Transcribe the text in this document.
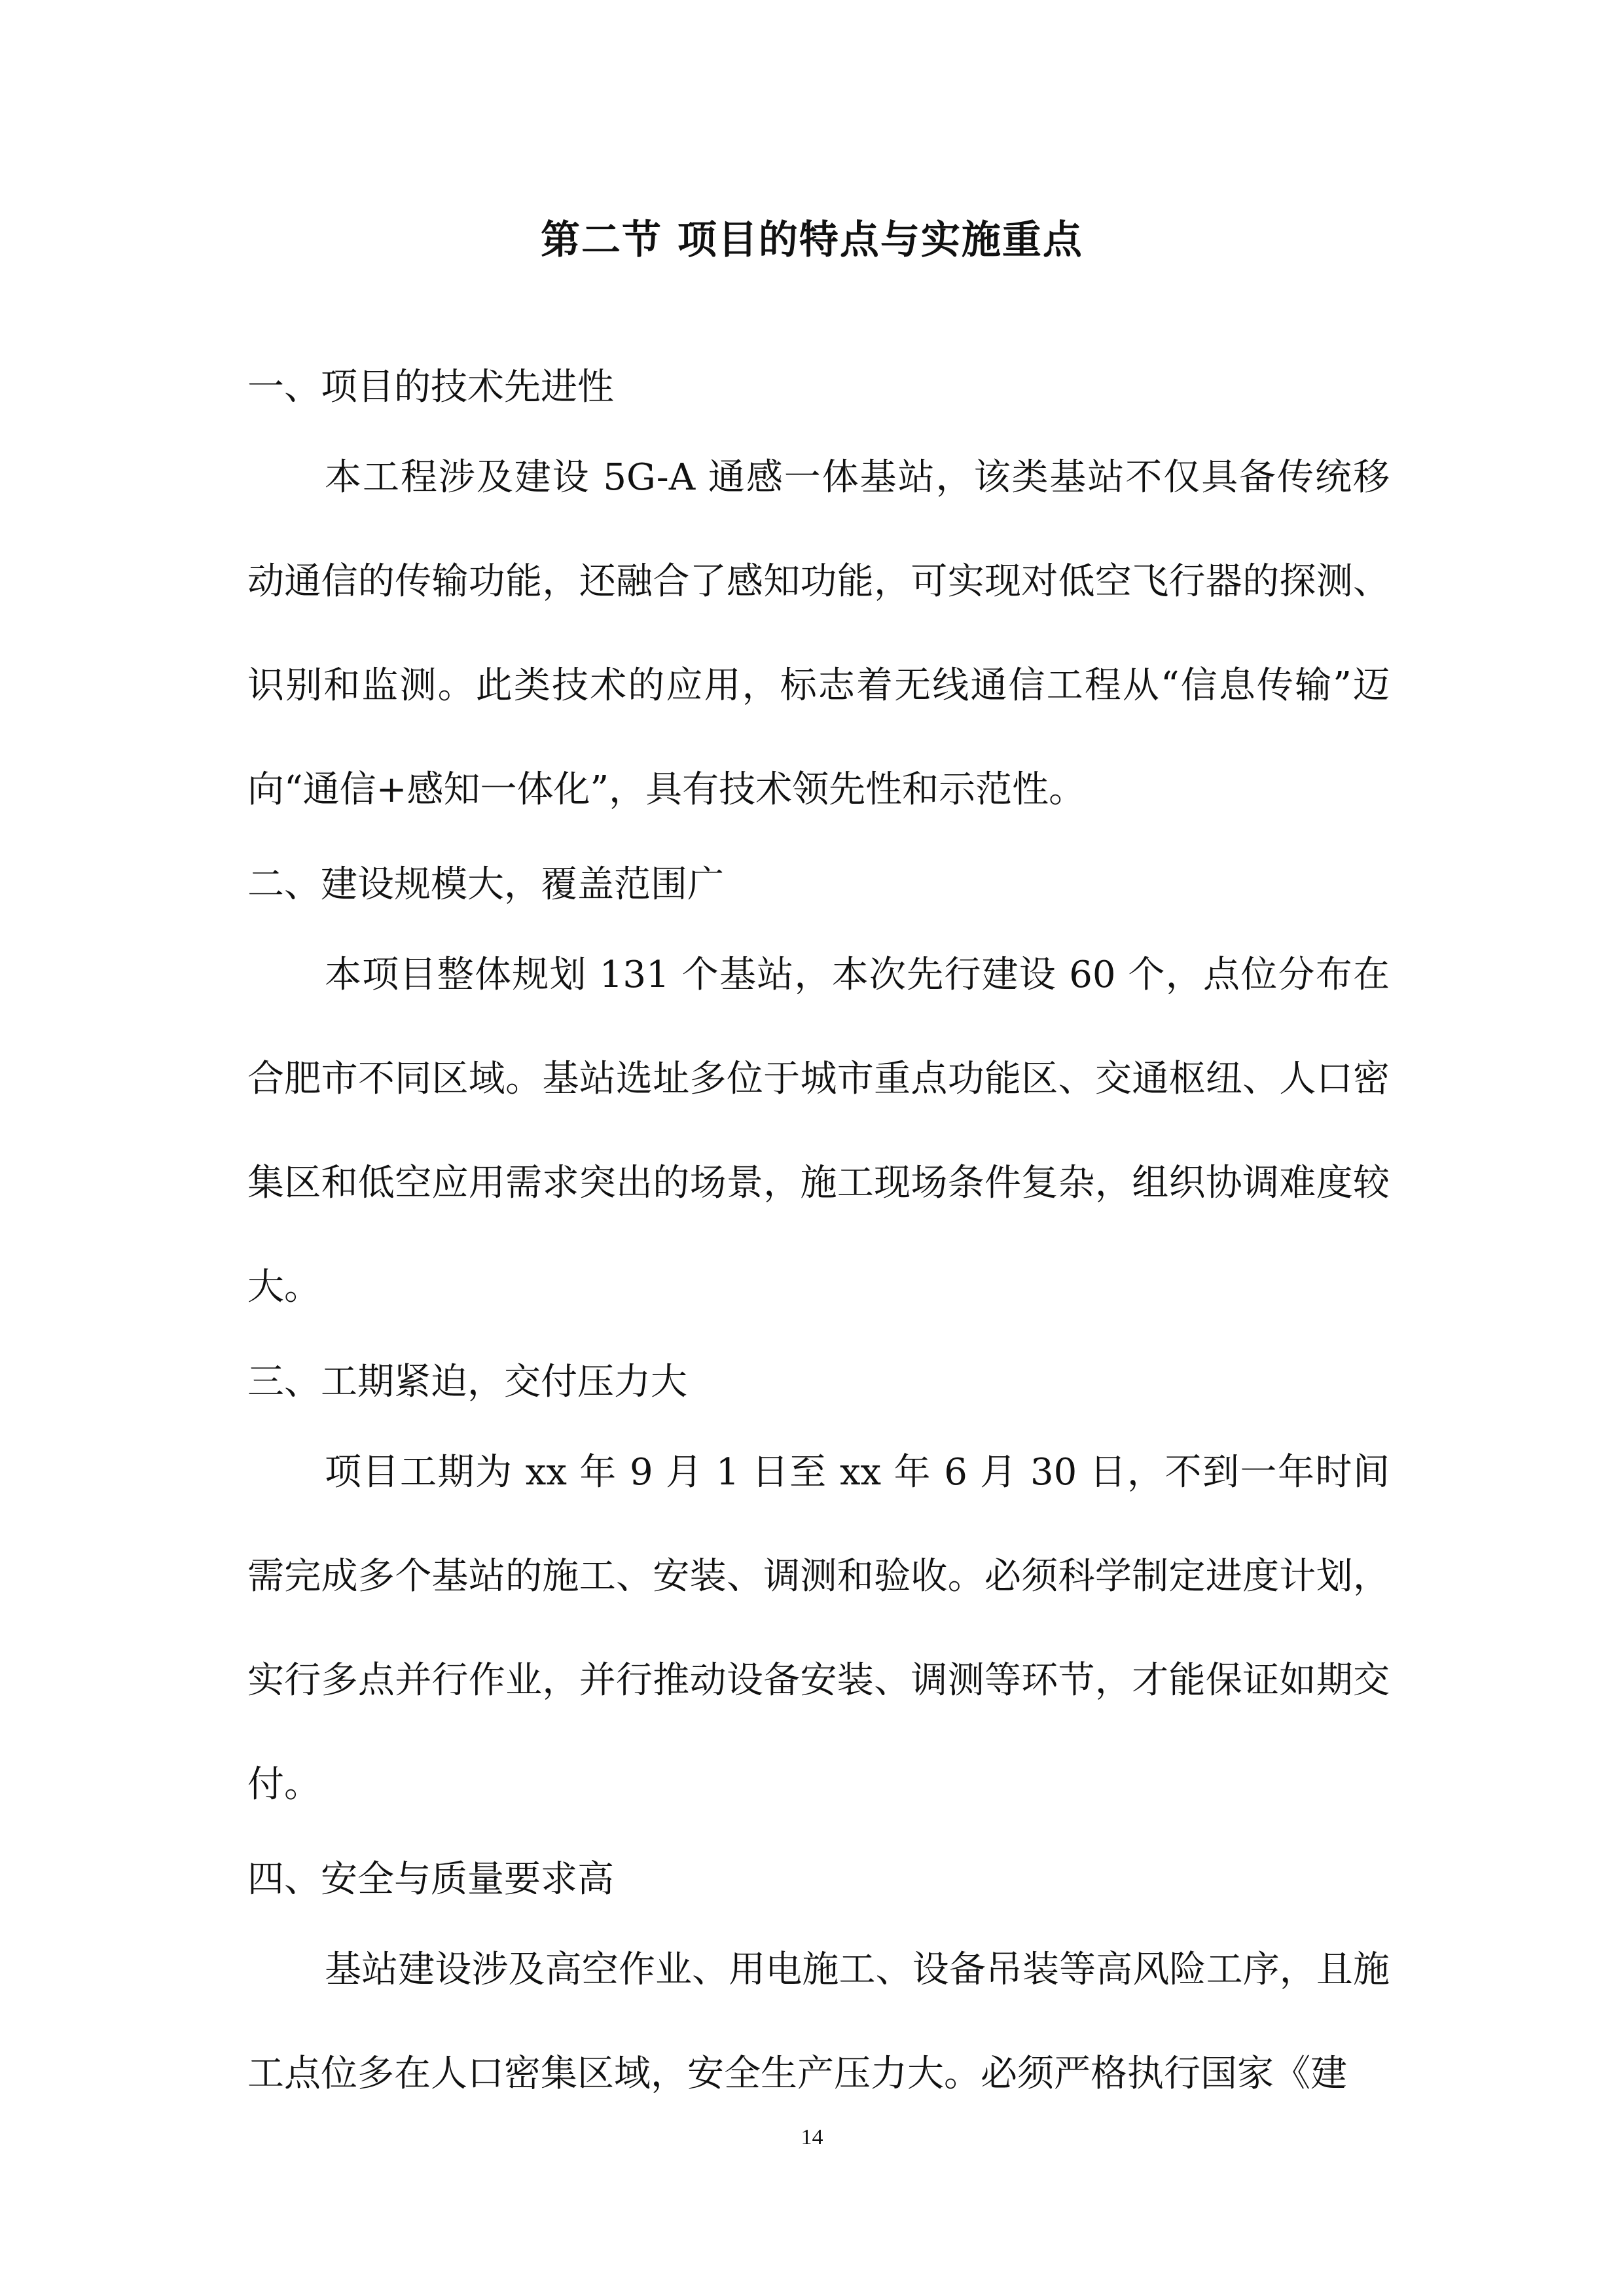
第二节 项目的特点与实施重点
一、项目的技术先进性

本工程涉及建设 5G-A 通感一体基站，该类基站不仅具备传统移动通信的传输功能，还融合了感知功能，可实现对低空飞行器的探测、识别和监测。此类技术的应用，标志着无线通信工程从“信息传输”迈向“通信+感知一体化”，具有技术领先性和示范性。

二、建设规模大，覆盖范围广

本项目整体规划 131 个基站，本次先行建设 60 个，点位分布在合肥市不同区域。基站选址多位于城市重点功能区、交通枢纽、人口密集区和低空应用需求突出的场景，施工现场条件复杂，组织协调难度较大。

三、工期紧迫，交付压力大

项目工期为 xx 年 9 月 1 日至 xx 年 6 月 30 日，不到一年时间需完成多个基站的施工、安装、调测和验收。必须科学制定进度计划，实行多点并行作业，并行推动设备安装、调测等环节，才能保证如期交付。

四、安全与质量要求高

基站建设涉及高空作业、用电施工、设备吊装等高风险工序，且施工点位多在人口密集区域，安全生产压力大。必须严格执行国家《建

14
